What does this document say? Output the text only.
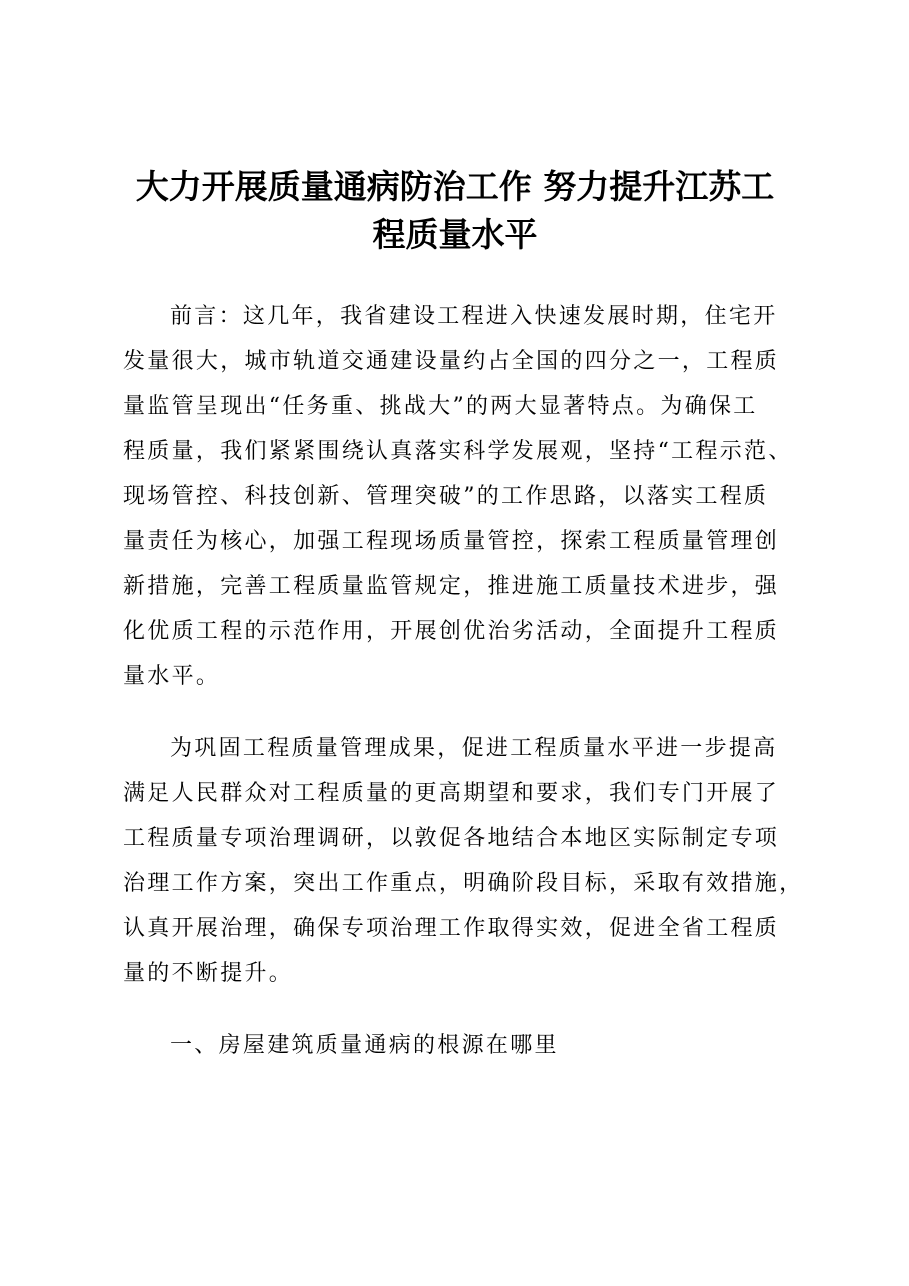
大力开展质量通病防治工作 努力提升江苏工
程质量水平
前言：这几年，我省建设工程进入快速发展时期，住宅开
发量很大，城市轨道交通建设量约占全国的四分之一，工程质
量监管呈现出“任务重、挑战大”的两大显著特点。为确保工
程质量，我们紧紧围绕认真落实科学发展观，坚持“工程示范、
现场管控、科技创新、管理突破”的工作思路，以落实工程质
量责任为核心，加强工程现场质量管控，探索工程质量管理创
新措施，完善工程质量监管规定，推进施工质量技术进步，强
化优质工程的示范作用，开展创优治劣活动，全面提升工程质
量水平。
为巩固工程质量管理成果，促进工程质量水平进一步提高
满足人民群众对工程质量的更高期望和要求，我们专门开展了
工程质量专项治理调研，以敦促各地结合本地区实际制定专项
治理工作方案，突出工作重点，明确阶段目标，采取有效措施，
认真开展治理，确保专项治理工作取得实效，促进全省工程质
量的不断提升。
一、房屋建筑质量通病的根源在哪里
